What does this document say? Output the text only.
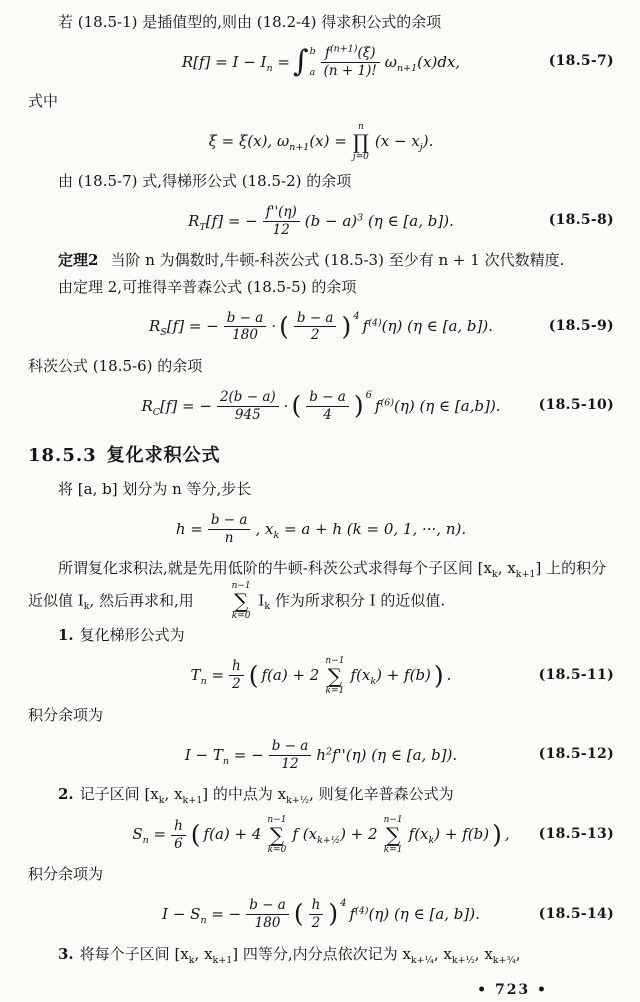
若 (18.5-1) 是插值型的,则由 (18.2-4) 得求积公式的余项

$R[f] = I - I_n$ = ∫ b
a $\frac{f^{(n+1)}(\xi)}{(n + 1)!} \omega_{n+1}(x)dx$,	(18.5-7)

式中

ξ = ξ(x), $\omega_{n+1}(x)$ =
n
∏
j=0
$(x - x_j)$.

由 (18.5-7) 式,得梯形公式 (18.5-2) 的余项

$R_T[f]$ = − $\frac{f''(\eta)}{12} (b - a)^3$ (η ∈ [a, b]).	(18.5-8)

定理2 当阶 n 为偶数时,牛顿-科茨公式 (18.5-3) 至少有 n + 1 次代数精度.

由定理 2,可推得辛普森公式 (18.5-5) 的余项

$R_S[f]$ = − $\frac{b - a}{180}$ · ( $\frac{b - a}{2}$ ) 4
$f^{(4)}(\eta)$ (η ∈ [a, b]).	(18.5-9)

科茨公式 (18.5-6) 的余项

$R_C[f]$ = − $\frac{2(b - a)}{945}$ · ( $\frac{b - a}{4}$ ) 6
$f^{(6)}(\eta)$ (η ∈ [a,b]).	(18.5-10)
18.5.3 复化求积公式

将 [a, b] 划分为 n 等分,步长

$h = \frac{b - a}{n}$ , $x_k = a + h$ (k = 0, 1, ···, n).

所谓复化求积法,就是先用低阶的牛顿-科茨公式求得每个子区间 [$x_k$, $x_{k+1}$] 上的积分近似值 $I_k$, 然后再求和,用
n−1
∑
k=0
$I_k$ 作为所求积分 I 的近似值.

1. 复化梯形公式为

$T_n = \frac{h}{2}$ ( f(a) + 2
n−1
∑
k=1
$f(x_k) + f(b)$ ) .	(18.5-11)

积分余项为

$I - T_n$ = − $\frac{b - a}{12} h^2f''(\eta)$ (η ∈ [a, b]).	(18.5-12)

2. 记子区间 [$x_k$, $x_{k+1}$] 的中点为 $x_{k+\frac{1}{2}}$, 则复化辛普森公式为

$S_n = \frac{h}{6}$ ( f(a) + 4
n−1
∑
k=0
f $(x_{k+\frac{1}{2}}) + 2$
n−1
∑
k=1
$f(x_k) + f(b)$ ) , (18.5-13)

积分余项为

$I - S_n$ = − $\frac{b - a}{180}$ ( $\frac{h}{2}$ ) 4
$f^{(4)}(\eta)$ (η ∈ [a, b]).	(18.5-14)

3. 将每个子区间 [$x_k$, $x_{k+1}$] 四等分,内分点依次记为 $x_{k+\frac{1}{4}}$, $x_{k+\frac{1}{2}}$, $x_{k+\frac{3}{4}}$,

• 723 •
